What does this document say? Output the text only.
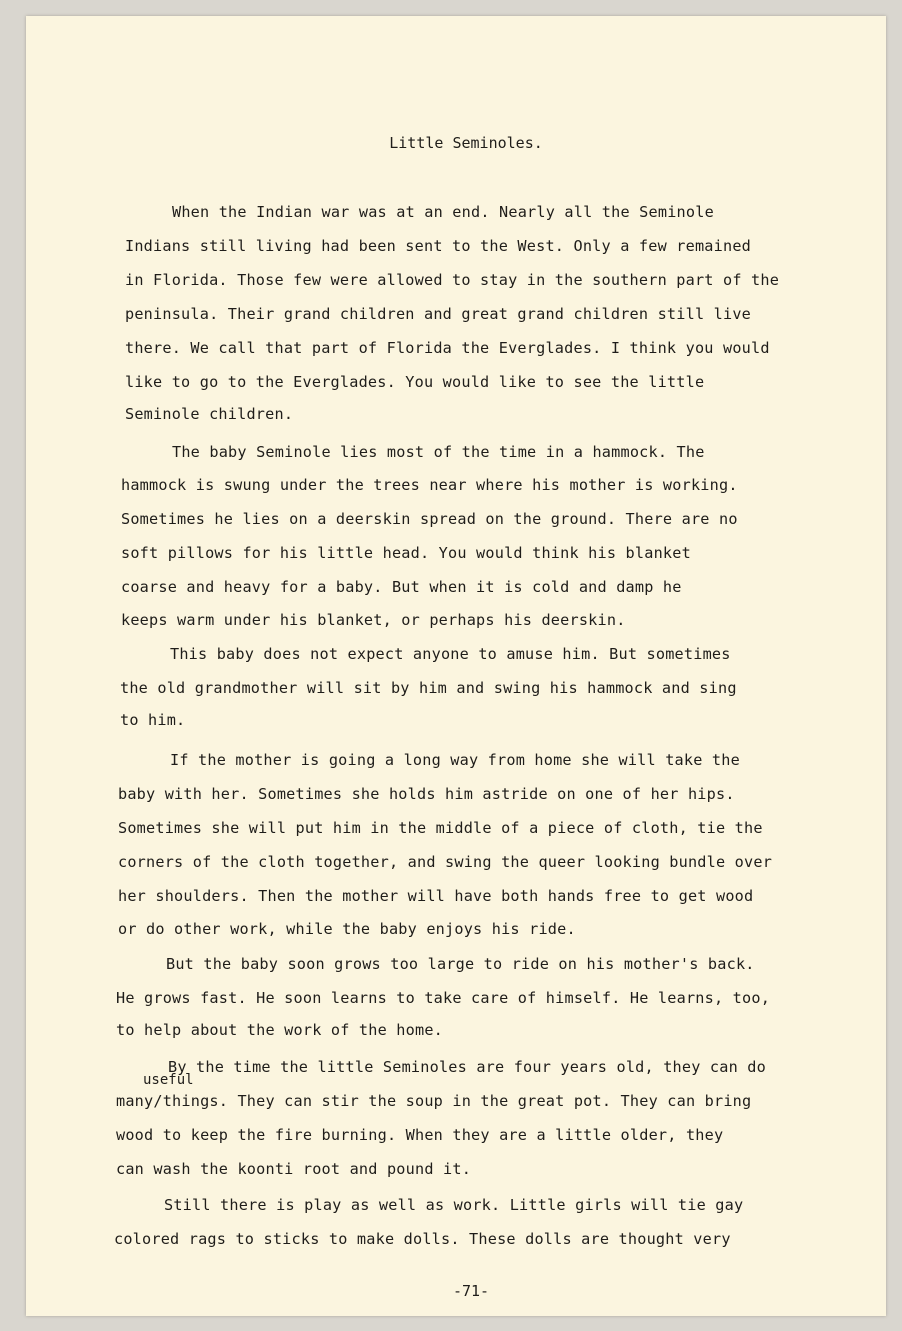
Little Seminoles.
When the Indian war was at an end. Nearly all the Seminole
Indians still living had been sent to the West. Only a few remained
in Florida. Those few were allowed to stay in the southern part of the
peninsula. Their grand children and great grand children still live
there. We call that part of Florida the Everglades. I think you would
like to go to the Everglades. You would like to see the little
Seminole children.
The baby Seminole lies most of the time in a hammock. The
hammock is swung under the trees near where his mother is working.
Sometimes he lies on a deerskin spread on the ground. There are no
soft pillows for his little head. You would think his blanket
coarse and heavy for a baby. But when it is cold and damp he
keeps warm under his blanket, or perhaps his deerskin.
This baby does not expect anyone to amuse him. But sometimes
the old grandmother will sit by him and swing his hammock and sing
to him.
If the mother is going a long way from home she will take the
baby with her. Sometimes she holds him astride on one of her hips.
Sometimes she will put him in the middle of a piece of cloth, tie the
corners of the cloth together, and swing the queer looking bundle over
her shoulders. Then the mother will have both hands free to get wood
or do other work, while the baby enjoys his ride.
But the baby soon grows too large to ride on his mother's back.
He grows fast. He soon learns to take care of himself. He learns, too,
to help about the work of the home.
By the time the little Seminoles are four years old, they can do
useful
many/things. They can stir the soup in the great pot. They can bring
wood to keep the fire burning. When they are a little older, they
can wash the koonti root and pound it.
Still there is play as well as work. Little girls will tie gay
colored rags to sticks to make dolls. These dolls are thought very
-71-
